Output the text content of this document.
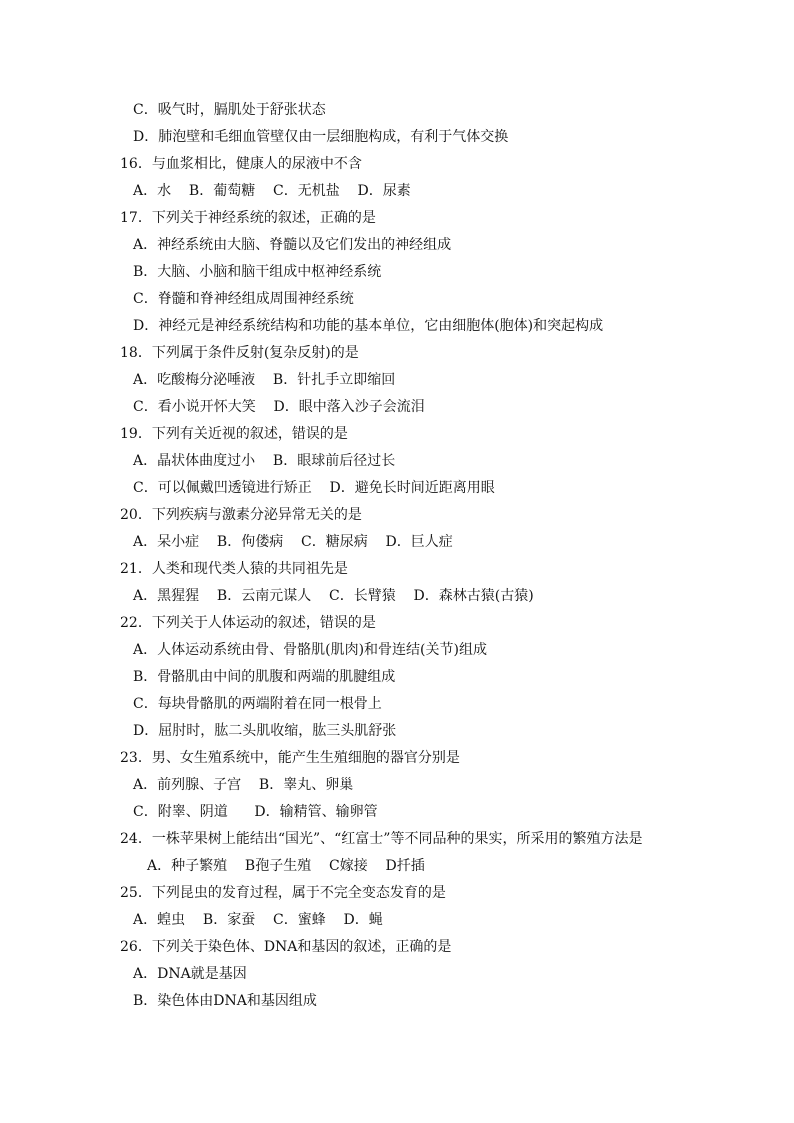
C．吸气时，膈肌处于舒张状态
D．肺泡壁和毛细血管壁仅由一层细胞构成，有利于气体交换
16．与血浆相比，健康人的尿液中不含
A．水    B．葡萄糖    C．无机盐    D．尿素
17．下列关于神经系统的叙述，正确的是
A．神经系统由大脑、脊髓以及它们发出的神经组成
B．大脑、小脑和脑干组成中枢神经系统
C．脊髓和脊神经组成周围神经系统
D．神经元是神经系统结构和功能的基本单位，它由细胞体(胞体)和突起构成
18．下列属于条件反射(复杂反射)的是
A．吃酸梅分泌唾液    B．针扎手立即缩回
C．看小说开怀大笑    D．眼中落入沙子会流泪
19．下列有关近视的叙述，错误的是
A．晶状体曲度过小    B．眼球前后径过长
C．可以佩戴凹透镜进行矫正    D．避免长时间近距离用眼
20．下列疾病与激素分泌异常无关的是
A．呆小症    B．佝偻病    C．糖尿病    D．巨人症
21．人类和现代类人猿的共同祖先是
A．黑猩猩    B．云南元谋人    C．长臂猿    D．森林古猿(古猿)
22．下列关于人体运动的叙述，错误的是
A．人体运动系统由骨、骨骼肌(肌肉)和骨连结(关节)组成
B．骨骼肌由中间的肌腹和两端的肌腱组成
C．每块骨骼肌的两端附着在同一根骨上
D．屈肘时，肱二头肌收缩，肱三头肌舒张
23．男、女生殖系统中，能产生生殖细胞的器官分别是
A．前列腺、子宫    B．睾丸、卵巢
C．附睾、阴道      D．输精管、输卵管
24．一株苹果树上能结出“国光”、“红富士”等不同品种的果实，所采用的繁殖方法是
A．种子繁殖    B孢子生殖    C嫁接    D扦插
25．下列昆虫的发育过程，属于不完全变态发育的是
A．蝗虫    B．家蚕    C．蜜蜂    D．蝇
26．下列关于染色体、DNA和基因的叙述，正确的是
A．DNA就是基因
B．染色体由DNA和基因组成
